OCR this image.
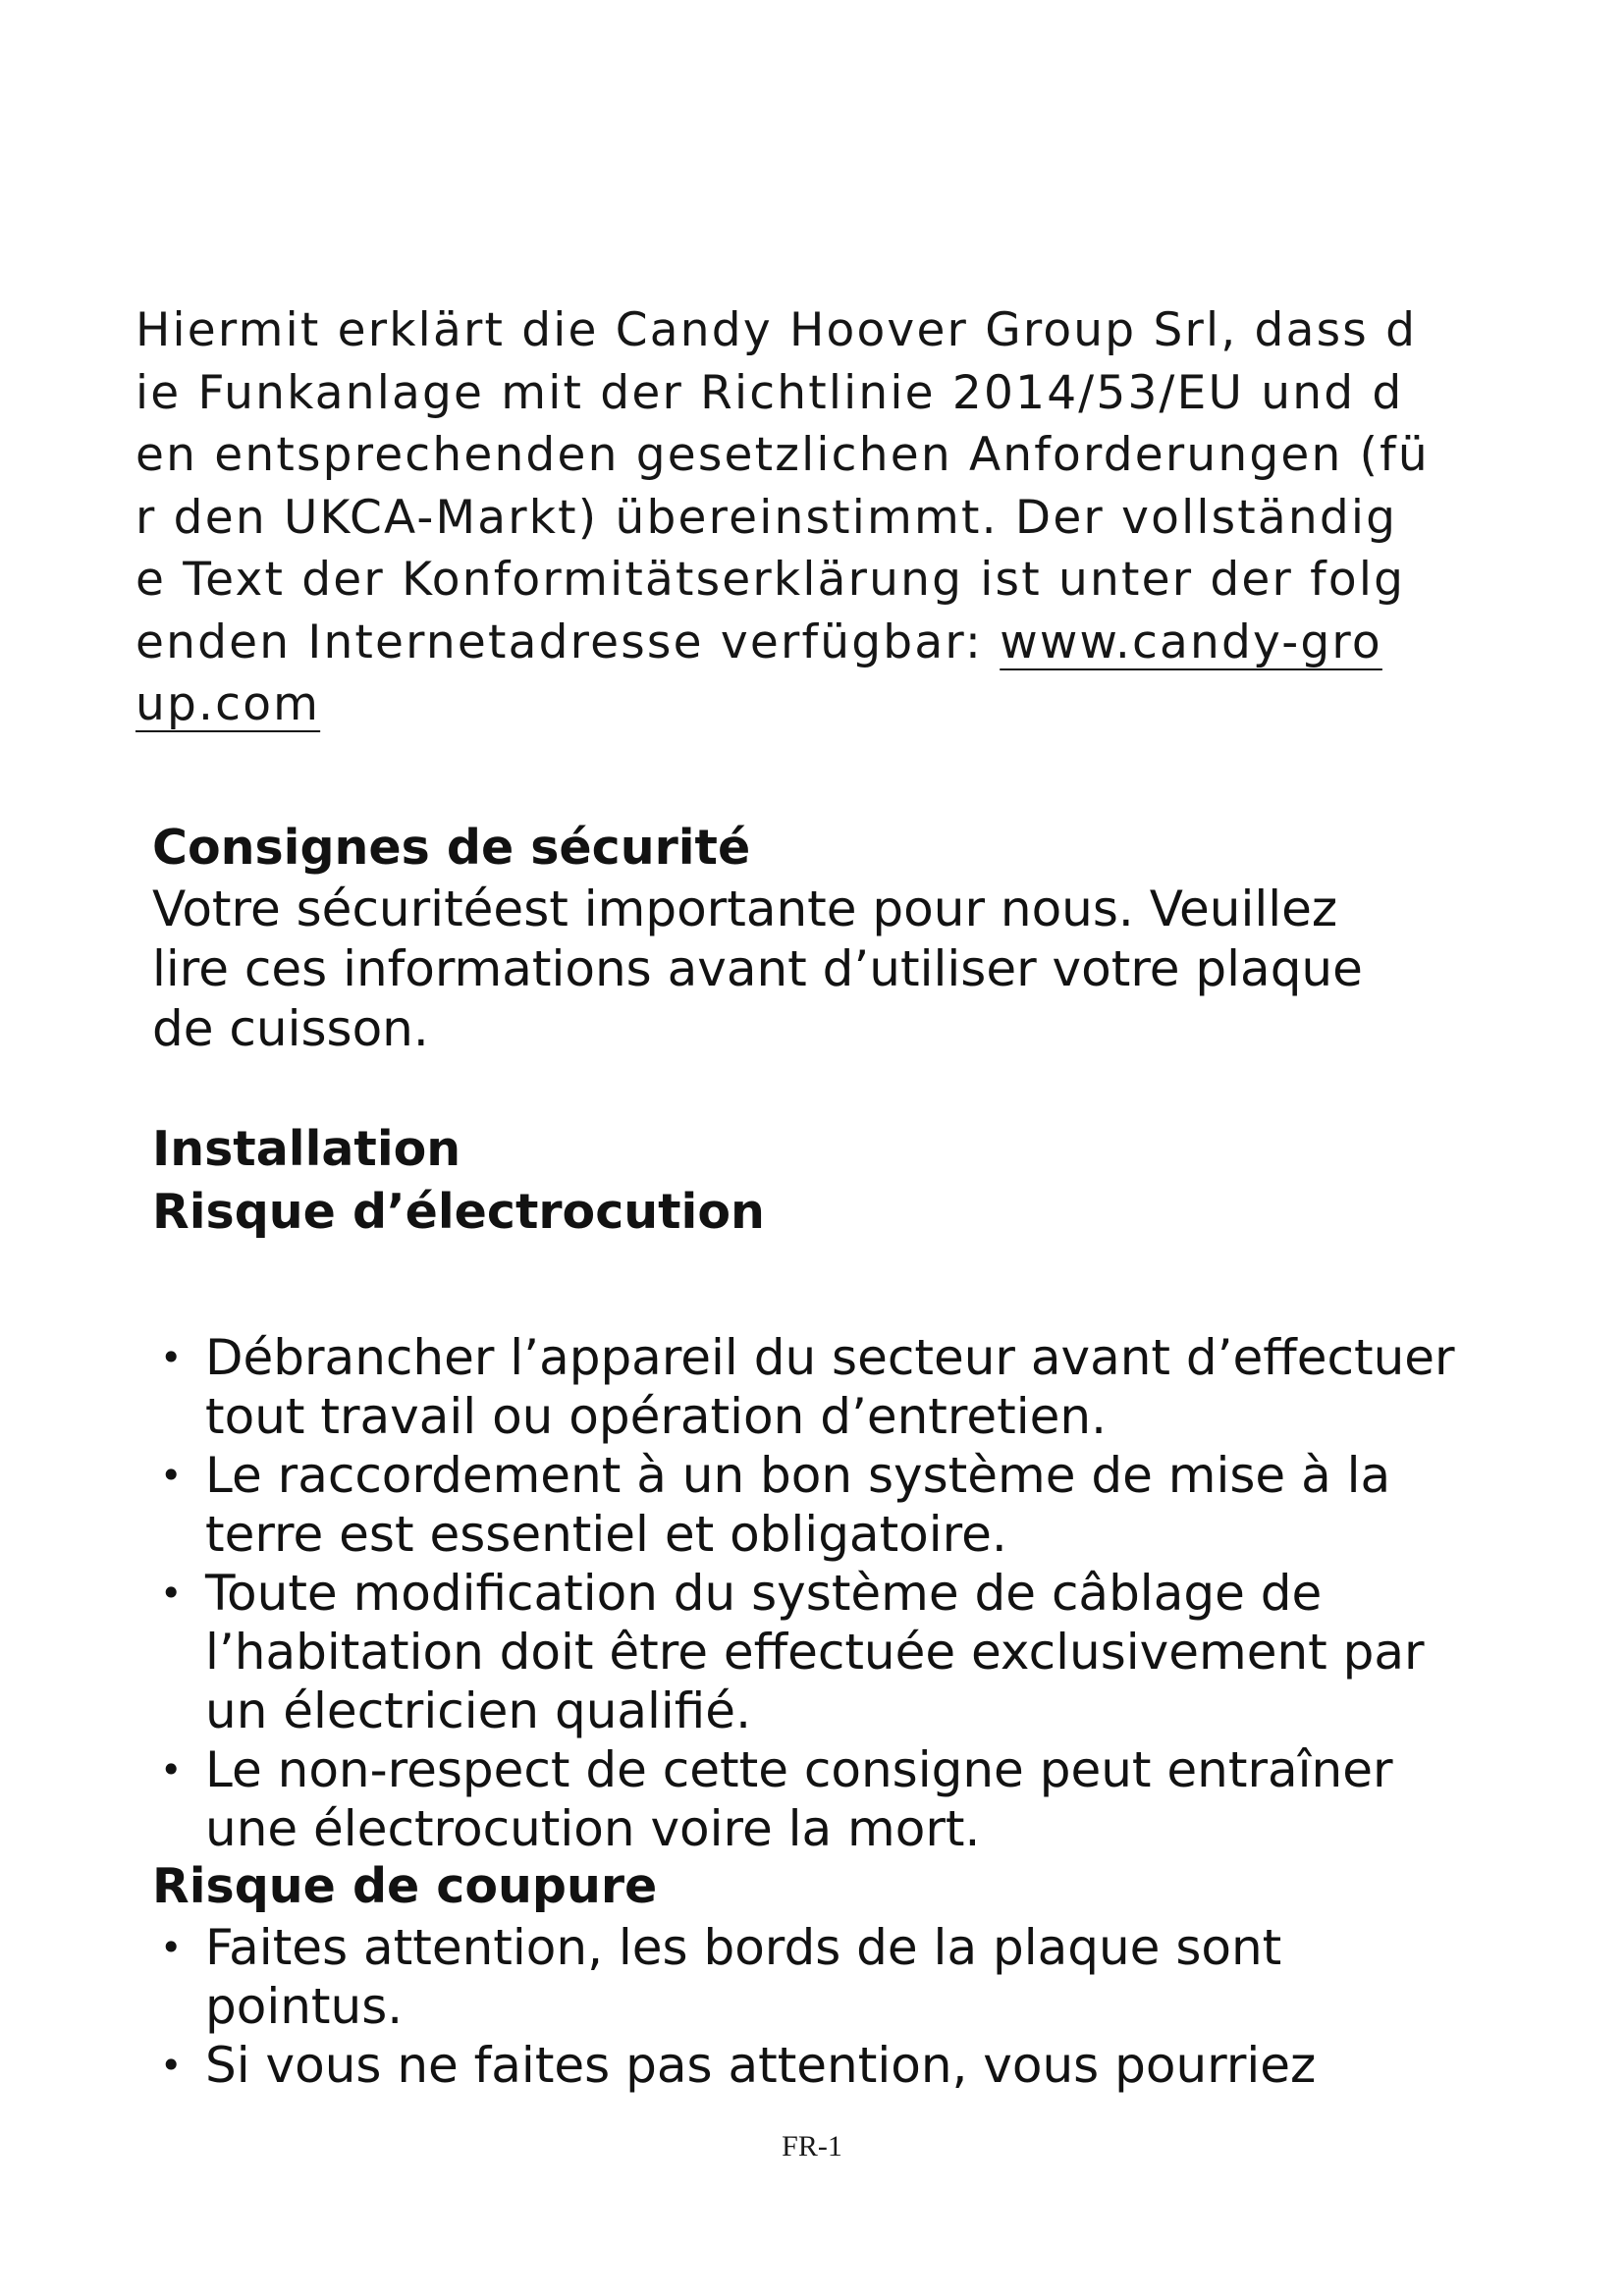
Hiermit erklärt die Candy Hoover Group Srl, dass d
ie Funkanlage mit der Richtlinie 2014/53/EU und d
en entsprechenden gesetzlichen Anforderungen (fü
r den UKCA-Markt) übereinstimmt. Der vollständig
e Text der Konformitätserklärung ist unter der folg
enden Internetadresse verfügbar: www.candy-gro
up.com
Consignes de sécurité
Votre sécuritéest importante pour nous. Veuillez
lire ces informations avant d’utiliser votre plaque
de cuisson.
Installation
Risque d’électrocution
• Débrancher l’appareil du secteur avant d’effectuer
tout travail ou opération d’entretien.
• Le raccordement à un bon système de mise à la
terre est essentiel et obligatoire.
• Toute modification du système de câblage de
l’habitation doit être effectuée exclusivement par
un électricien qualifié.
• Le non-respect de cette consigne peut entraîner
une électrocution voire la mort.
Risque de coupure
• Faites attention, les bords de la plaque sont
pointus.
• Si vous ne faites pas attention, vous pourriez
FR-1
